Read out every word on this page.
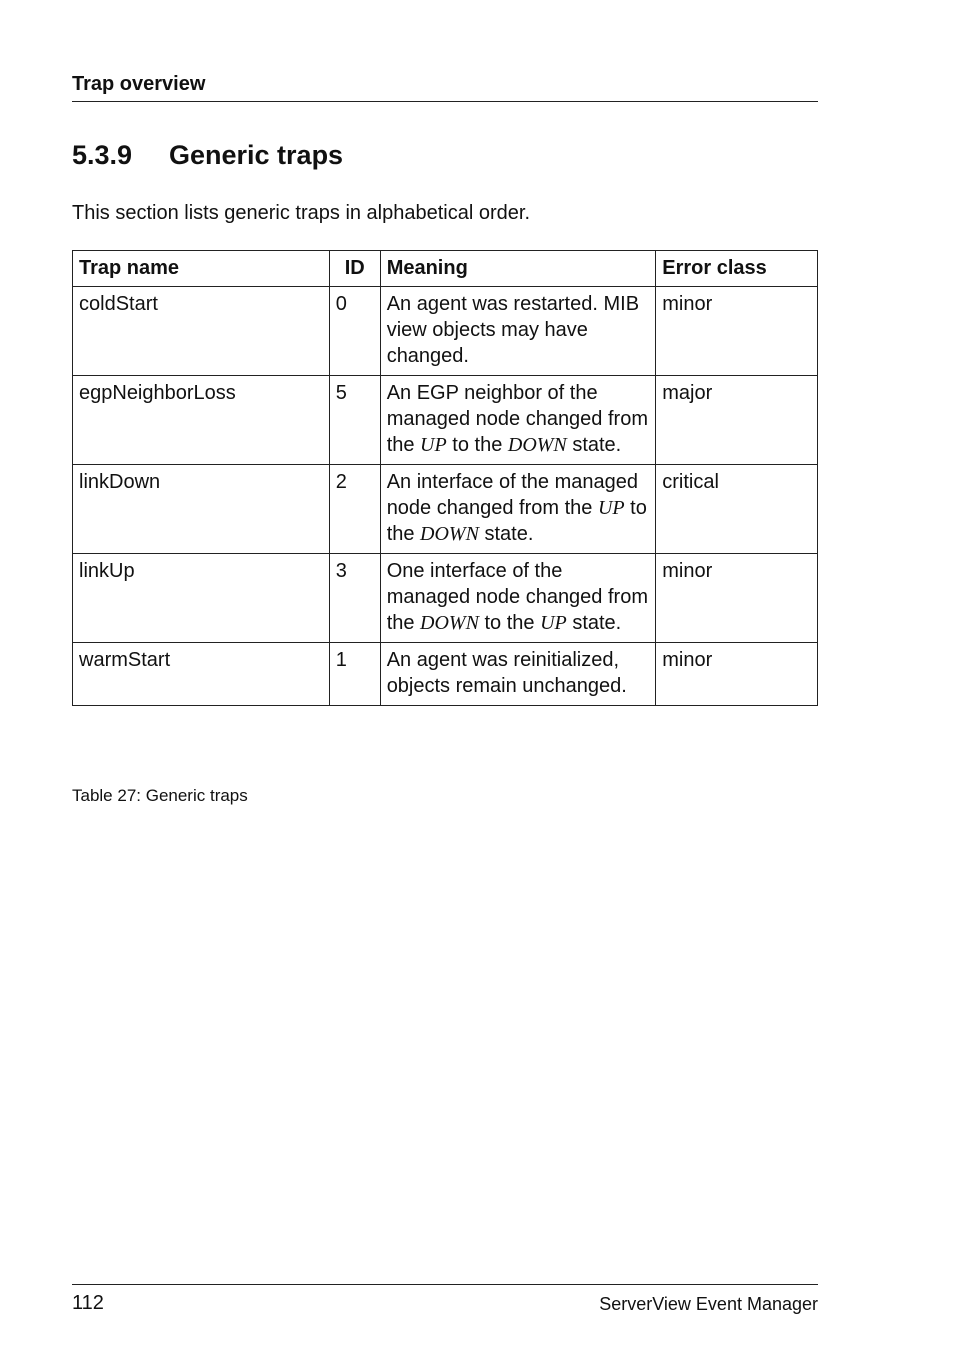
Trap overview
5.3.9 Generic traps
This section lists generic traps in alphabetical order.
Trap name	ID	Meaning	Error class
coldStart	0	An agent was restarted. MIB view objects may have changed.	minor
egpNeighborLoss	5	An EGP neighbor of the managed node changed from the UP to the DOWN state.	major
linkDown	2	An interface of the managed node changed from the UP to the DOWN state.	critical
linkUp	3	One interface of the managed node changed from the DOWN to the UP state.	minor
warmStart	1	An agent was reinitialized, objects remain unchanged.	minor
Table 27: Generic traps
112	ServerView Event Manager
